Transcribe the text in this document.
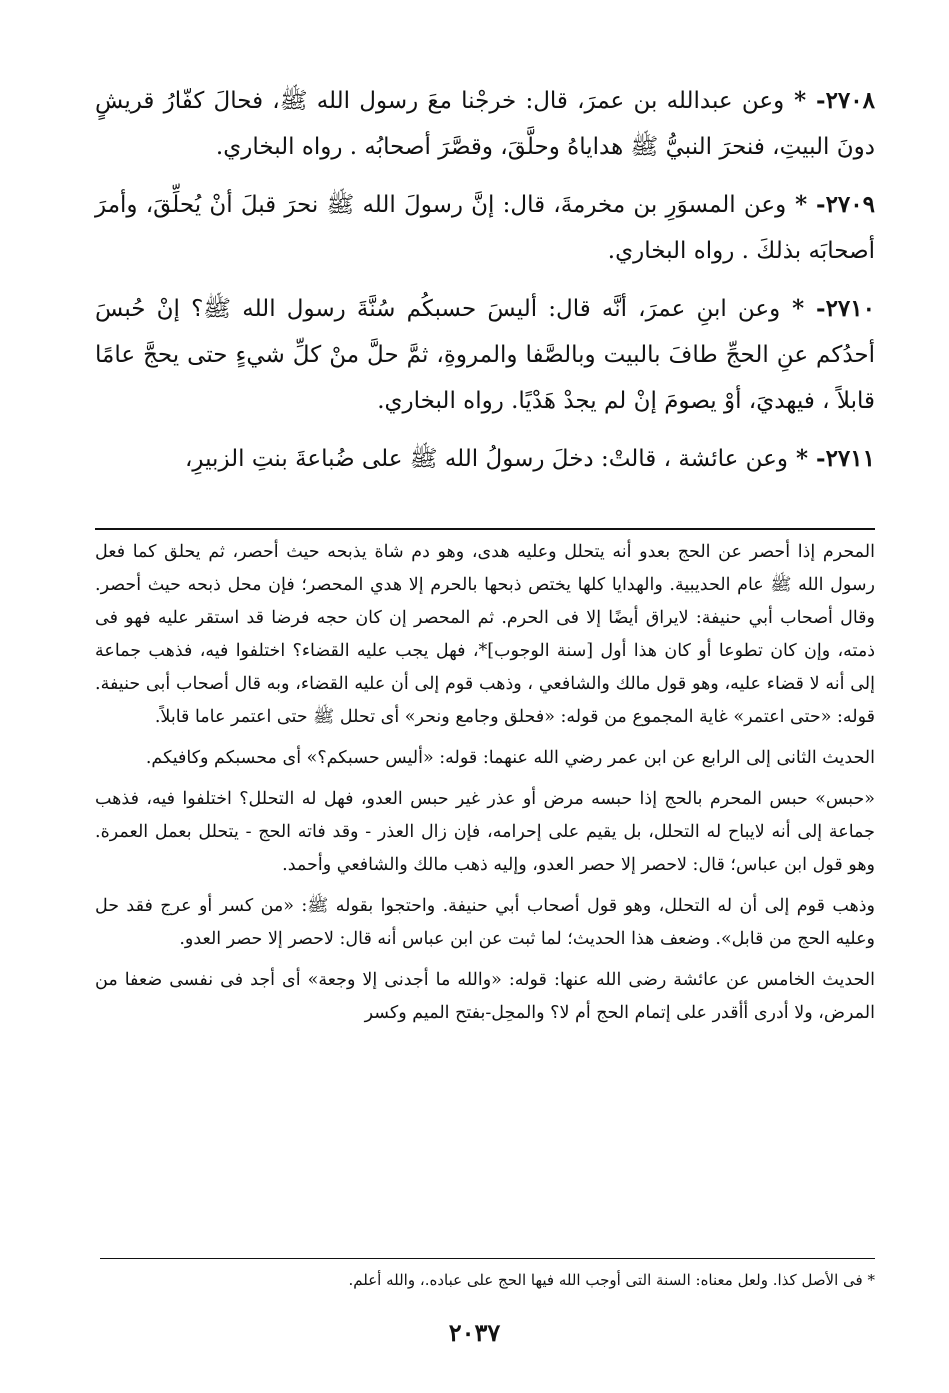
٢٧٠٨- * وعن عبدالله بن عمرَ، قال: خرجْنا معَ رسول الله ﷺ، فحالَ كفّارُ قريشٍ دونَ البيتِ، فنحرَ النبيُّ ﷺ هداياهُ وحلَّقَ، وقصَّرَ أصحابُه . رواه البخاري.

٢٧٠٩- * وعن المسوَرِ بن مخرمةَ، قال: إنَّ رسولَ الله ﷺ نحرَ قبلَ أنْ يُحلِّقَ، وأمرَ أصحابَه بذلكَ . رواه البخاري.

٢٧١٠- * وعن ابنِ عمرَ، أنَّه قال: أليسَ حسبكُم سُنَّةَ رسول الله ﷺ؟ إنْ حُبسَ أحدُكم عنِ الحجِّ طافَ بالبيت وبالصَّفا والمروةِ، ثمَّ حلَّ منْ كلِّ شيءٍ حتى يحجَّ عامًا قابلاً ، فيهديَ، أوْ يصومَ إنْ لم يجدْ هَدْيًا. رواه البخاري.

٢٧١١- * وعن عائشة ، قالتْ: دخلَ رسولُ الله ﷺ على ضُباعةَ بنتِ الزبيرِ،

المحرم إذا أحصر عن الحج بعدو أنه يتحلل وعليه هدى، وهو دم شاة يذبحه حيث أحصر، ثم يحلق كما فعل رسول الله ﷺ عام الحديبية. والهدايا كلها يختص ذبحها بالحرم إلا هدي المحصر؛ فإن محل ذبحه حيث أحصر. وقال أصحاب أبي حنيفة: لايراق أيضًا إلا فى الحرم. ثم المحصر إن كان حجه فرضا قد استقر عليه فهو فى ذمته، وإن كان تطوعا أو كان هذا أول [سنة الوجوب]*، فهل يجب عليه القضاء؟ اختلفوا فيه، فذهب جماعة إلى أنه لا قضاء عليه، وهو قول مالك والشافعي ، وذهب قوم إلى أن عليه القضاء، وبه قال أصحاب أبى حنيفة. قوله: «حتى اعتمر» غاية المجموع من قوله: «فحلق وجامع ونحر» أى تحلل ﷺ حتى اعتمر عاما قابلاً.

الحديث الثانى إلى الرابع عن ابن عمر رضي الله عنهما: قوله: «أليس حسبكم؟» أى محسبكم وكافيكم.

«حبس» حبس المحرم بالحج إذا حبسه مرض أو عذر غير حبس العدو، فهل له التحلل؟ اختلفوا فيه، فذهب جماعة إلى أنه لايباح له التحلل، بل يقيم على إحرامه، فإن زال العذر - وقد فاته الحج - يتحلل بعمل العمرة. وهو قول ابن عباس؛ قال: لاحصر إلا حصر العدو، وإليه ذهب مالك والشافعي وأحمد.

وذهب قوم إلى أن له التحلل، وهو قول أصحاب أبي حنيفة. واحتجوا بقوله ﷺ: «من كسر أو عرج فقد حل وعليه الحج من قابل». وضعف هذا الحديث؛ لما ثبت عن ابن عباس أنه قال: لاحصر إلا حصر العدو.

الحديث الخامس عن عائشة رضى الله عنها: قوله: «والله ما أجدنى إلا وجعة» أى أجد فى نفسى ضعفا من المرض، ولا أدرى أأقدر على إتمام الحج أم لا؟ والمحِل-بفتح الميم وكسر

* فى الأصل كذا. ولعل معناه: السنة التى أوجب الله فيها الحج على عباده.، والله أعلم.
٢٠٣٧
